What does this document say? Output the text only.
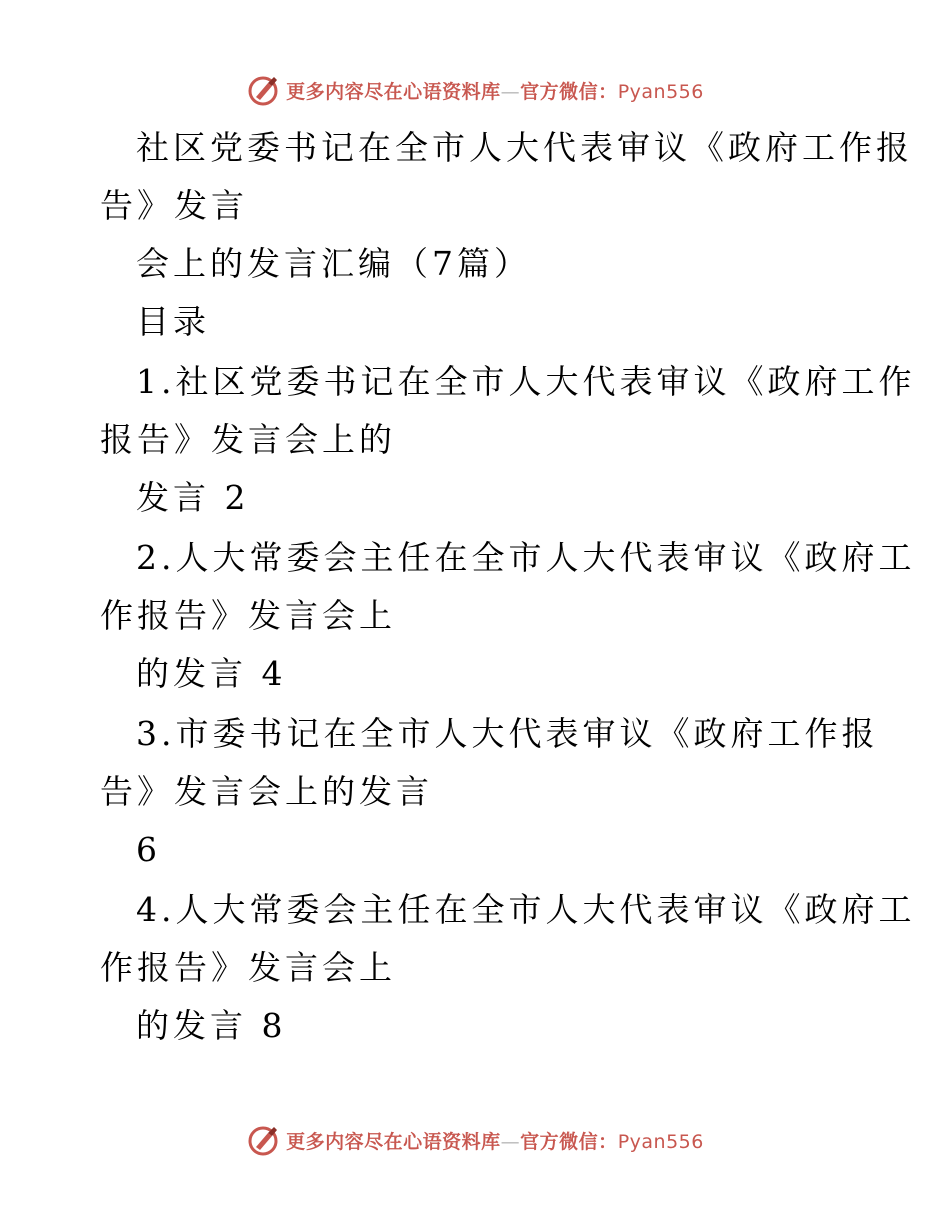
更多内容尽在心语资料库—官方微信：Pyan556
社区党委书记在全市人大代表审议《政府工作报
告》发言
会上的发言汇编（7篇）
目录
1.社区党委书记在全市人大代表审议《政府工作
报告》发言会上的
发言 2
2.人大常委会主任在全市人大代表审议《政府工
作报告》发言会上
的发言 4
3.市委书记在全市人大代表审议《政府工作报
告》发言会上的发言
6
4.人大常委会主任在全市人大代表审议《政府工
作报告》发言会上
的发言 8
更多内容尽在心语资料库—官方微信：Pyan556
